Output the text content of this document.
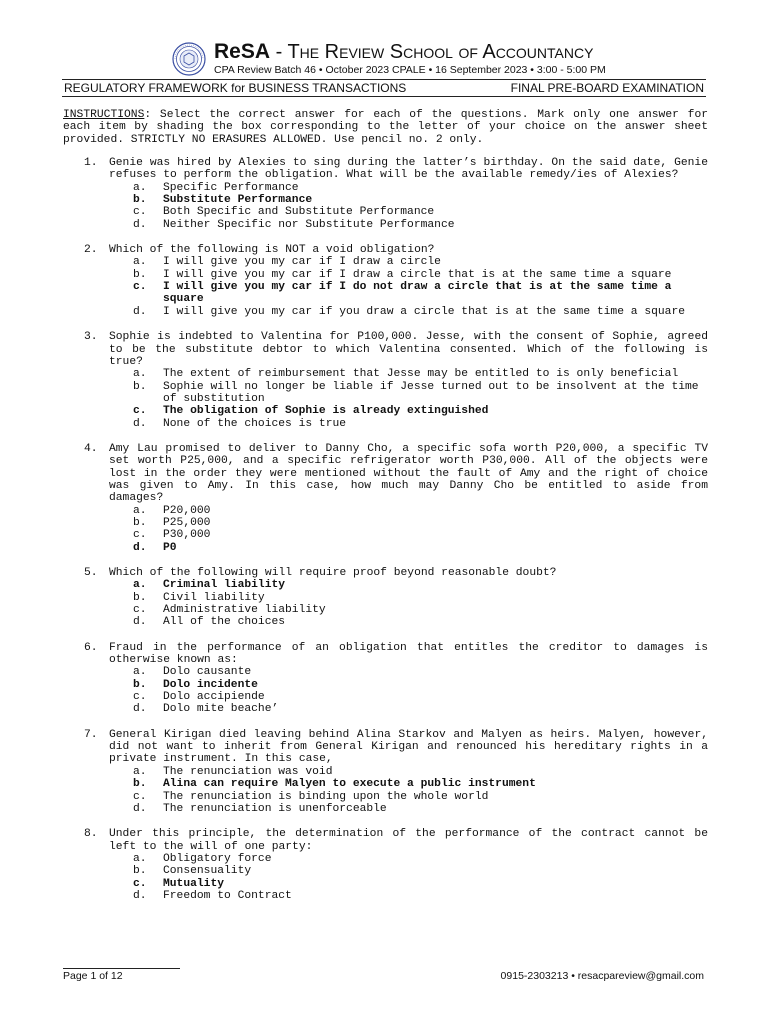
ReSA - The Review School of Accountancy
CPA Review Batch 46 • October 2023 CPALE • 16 September 2023 • 3:00 - 5:00 PM
REGULATORY FRAMEWORK for BUSINESS TRANSACTIONS	FINAL PRE-BOARD EXAMINATION

INSTRUCTIONS: Select the correct answer for each of the questions. Mark only one answer for each item by shading the box corresponding to the letter of your choice on the answer sheet provided. STRICTLY NO ERASURES ALLOWED. Use pencil no. 2 only.

1.	Genie was hired by Alexies to sing during the latter’s birthday. On the said date, Genie refuses to perform the obligation. What will be the available remedy/ies of Alexies?
a.	Specific Performance
b.	Substitute Performance
c.	Both Specific and Substitute Performance
d.	Neither Specific nor Substitute Performance
2.	Which of the following is NOT a void obligation?
a.	I will give you my car if I draw a circle
b.	I will give you my car if I draw a circle that is at the same time a square
c.	I will give you my car if I do not draw a circle that is at the same time a square
d.	I will give you my car if you draw a circle that is at the same time a square
3.	Sophie is indebted to Valentina for P100,000. Jesse, with the consent of Sophie, agreed to be the substitute debtor to which Valentina consented. Which of the following is true?
a.	The extent of reimbursement that Jesse may be entitled to is only beneficial
b.	Sophie will no longer be liable if Jesse turned out to be insolvent at the time of substitution
c.	The obligation of Sophie is already extinguished
d.	None of the choices is true
4.	Amy Lau promised to deliver to Danny Cho, a specific sofa worth P20,000, a specific TV set worth P25,000, and a specific refrigerator worth P30,000. All of the objects were lost in the order they were mentioned without the fault of Amy and the right of choice was given to Amy. In this case, how much may Danny Cho be entitled to aside from damages?
a.	P20,000
b.	P25,000
c.	P30,000
d.	P0
5.	Which of the following will require proof beyond reasonable doubt?
a.	Criminal liability
b.	Civil liability
c.	Administrative liability
d.	All of the choices
6.	Fraud in the performance of an obligation that entitles the creditor to damages is otherwise known as:
a.	Dolo causante
b.	Dolo incidente
c.	Dolo accipiende
d.	Dolo mite beache’
7.	General Kirigan died leaving behind Alina Starkov and Malyen as heirs. Malyen, however, did not want to inherit from General Kirigan and renounced his hereditary rights in a private instrument. In this case,
a.	The renunciation was void
b.	Alina can require Malyen to execute a public instrument
c.	The renunciation is binding upon the whole world
d.	The renunciation is unenforceable
8.	Under this principle, the determination of the performance of the contract cannot be left to the will of one party:
a.	Obligatory force
b.	Consensuality
c.	Mutuality
d.	Freedom to Contract
Page 1 of 12	0915-2303213 • resacpareview@gmail.com
